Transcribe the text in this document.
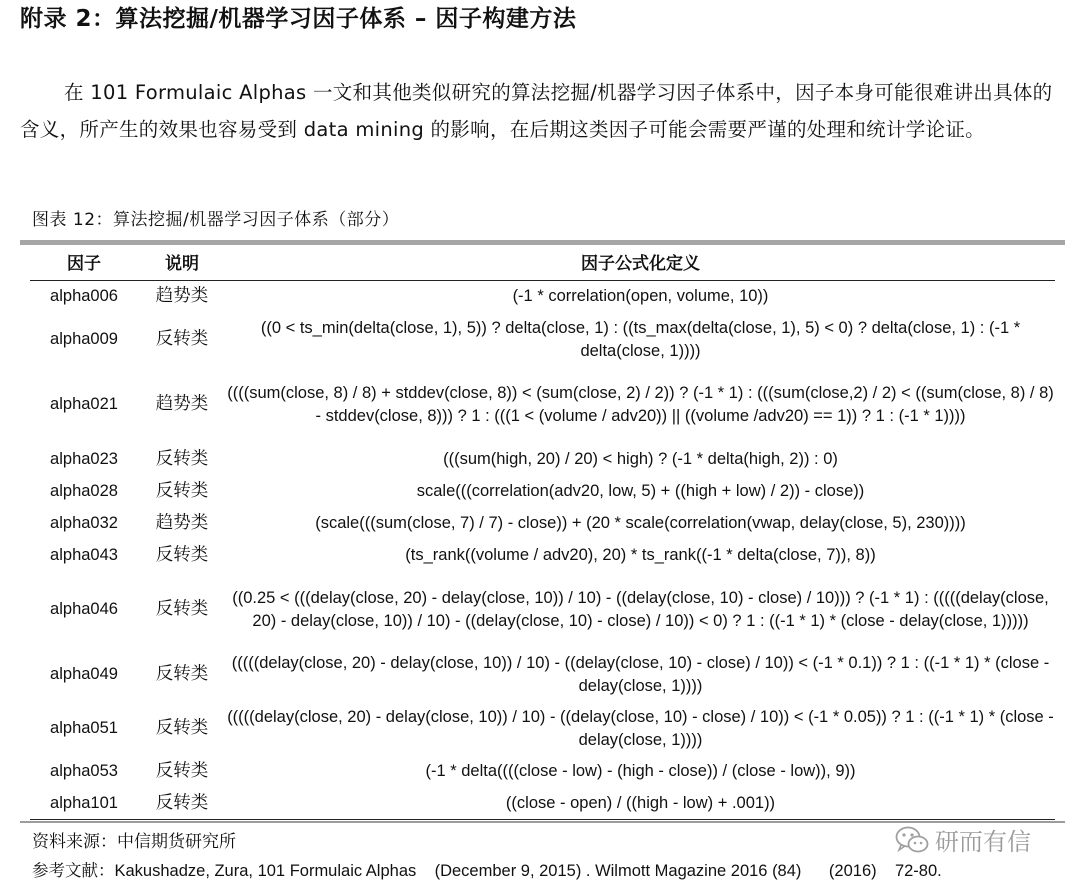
附录 2：算法挖掘/机器学习因子体系 – 因子构建方法

在 101 Formulaic Alphas 一文和其他类似研究的算法挖掘/机器学习因子体系中，因子本身可能很难讲出具体的含义，所产生的效果也容易受到 data mining 的影响，在后期这类因子可能会需要严谨的处理和统计学论证。

图表 12：算法挖掘/机器学习因子体系（部分）
因子	说明	因子公式化定义
alpha006	趋势类	(-1 * correlation(open, volume, 10))
alpha009	反转类	((0 < ts_min(delta(close, 1), 5)) ? delta(close, 1) : ((ts_max(delta(close, 1), 5) < 0) ? delta(close, 1) : (-1 * delta(close, 1))))
alpha021	趋势类	((((sum(close, 8) / 8) + stddev(close, 8)) < (sum(close, 2) / 2)) ? (-1 * 1) : (((sum(close,2) / 2) < ((sum(close, 8) / 8) - stddev(close, 8))) ? 1 : (((1 < (volume / adv20)) || ((volume /adv20) == 1)) ? 1 : (-1 * 1))))
alpha023	反转类	(((sum(high, 20) / 20) < high) ? (-1 * delta(high, 2)) : 0)
alpha028	反转类	scale(((correlation(adv20, low, 5) + ((high + low) / 2)) - close))
alpha032	趋势类	(scale(((sum(close, 7) / 7) - close)) + (20 * scale(correlation(vwap, delay(close, 5), 230))))
alpha043	反转类	(ts_rank((volume / adv20), 20) * ts_rank((-1 * delta(close, 7)), 8))
alpha046	反转类	((0.25 < (((delay(close, 20) - delay(close, 10)) / 10) - ((delay(close, 10) - close) / 10))) ? (-1 * 1) : (((((delay(close, 20) - delay(close, 10)) / 10) - ((delay(close, 10) - close) / 10)) < 0) ? 1 : ((-1 * 1) * (close - delay(close, 1)))))
alpha049	反转类	(((((delay(close, 20) - delay(close, 10)) / 10) - ((delay(close, 10) - close) / 10)) < (-1 * 0.1)) ? 1 : ((-1 * 1) * (close - delay(close, 1))))
alpha051	反转类	(((((delay(close, 20) - delay(close, 10)) / 10) - ((delay(close, 10) - close) / 10)) < (-1 * 0.05)) ? 1 : ((-1 * 1) * (close - delay(close, 1))))
alpha053	反转类	(-1 * delta((((close - low) - (high - close)) / (close - low)), 9))
alpha101	反转类	((close - open) / ((high - low) + .001))
资料来源：中信期货研究所
参考文献：Kakushadze, Zura, 101 Formulaic Alphas    (December 9, 2015) . Wilmott Magazine 2016 (84)      (2016)    72-80.
研而有信
